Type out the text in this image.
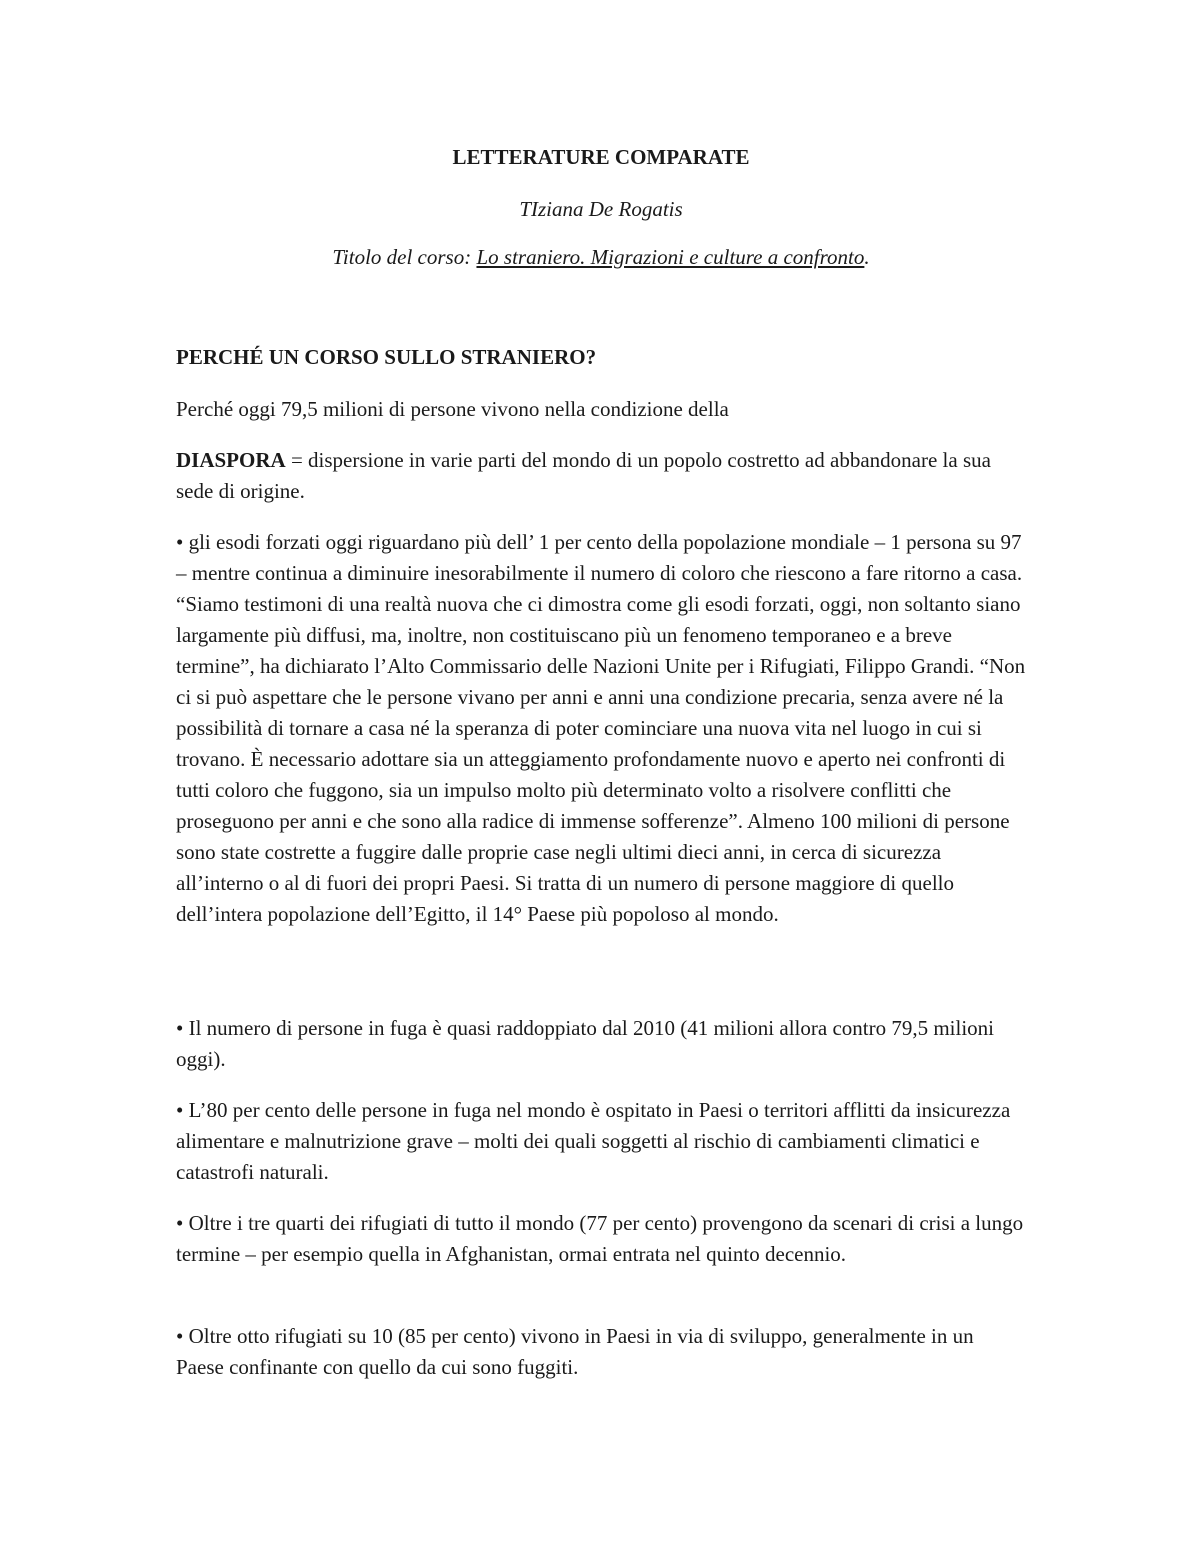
LETTERATURE COMPARATE

TIziana De Rogatis

Titolo del corso: Lo straniero. Migrazioni e culture a confronto.

PERCHÉ UN CORSO SULLO STRANIERO?

Perché oggi 79,5 milioni di persone vivono nella condizione della

DIASPORA = dispersione in varie parti del mondo di un popolo costretto ad abbandonare la sua sede di origine.

• gli esodi forzati oggi riguardano più dell’ 1 per cento della popolazione mondiale – 1 persona su 97 – mentre continua a diminuire inesorabilmente il numero di coloro che riescono a fare ritorno a casa. “Siamo testimoni di una realtà nuova che ci dimostra come gli esodi forzati, oggi, non soltanto siano largamente più diffusi, ma, inoltre, non costituiscano più un fenomeno temporaneo e a breve termine”, ha dichiarato l’Alto Commissario delle Nazioni Unite per i Rifugiati, Filippo Grandi. “Non ci si può aspettare che le persone vivano per anni e anni una condizione precaria, senza avere né la possibilità di tornare a casa né la speranza di poter cominciare una nuova vita nel luogo in cui si trovano. È necessario adottare sia un atteggiamento profondamente nuovo e aperto nei confronti di tutti coloro che fuggono, sia un impulso molto più determinato volto a risolvere conflitti che proseguono per anni e che sono alla radice di immense sofferenze”. Almeno 100 milioni di persone sono state costrette a fuggire dalle proprie case negli ultimi dieci anni, in cerca di sicurezza all’interno o al di fuori dei propri Paesi. Si tratta di un numero di persone maggiore di quello dell’intera popolazione dell’Egitto, il 14° Paese più popoloso al mondo.

• Il numero di persone in fuga è quasi raddoppiato dal 2010 (41 milioni allora contro 79,5 milioni oggi).

• L’80 per cento delle persone in fuga nel mondo è ospitato in Paesi o territori afflitti da insicurezza alimentare e malnutrizione grave – molti dei quali soggetti al rischio di cambiamenti climatici e catastrofi naturali.

• Oltre i tre quarti dei rifugiati di tutto il mondo (77 per cento) provengono da scenari di crisi a lungo termine – per esempio quella in Afghanistan, ormai entrata nel quinto decennio.

• Oltre otto rifugiati su 10 (85 per cento) vivono in Paesi in via di sviluppo, generalmente in un Paese confinante con quello da cui sono fuggiti.
